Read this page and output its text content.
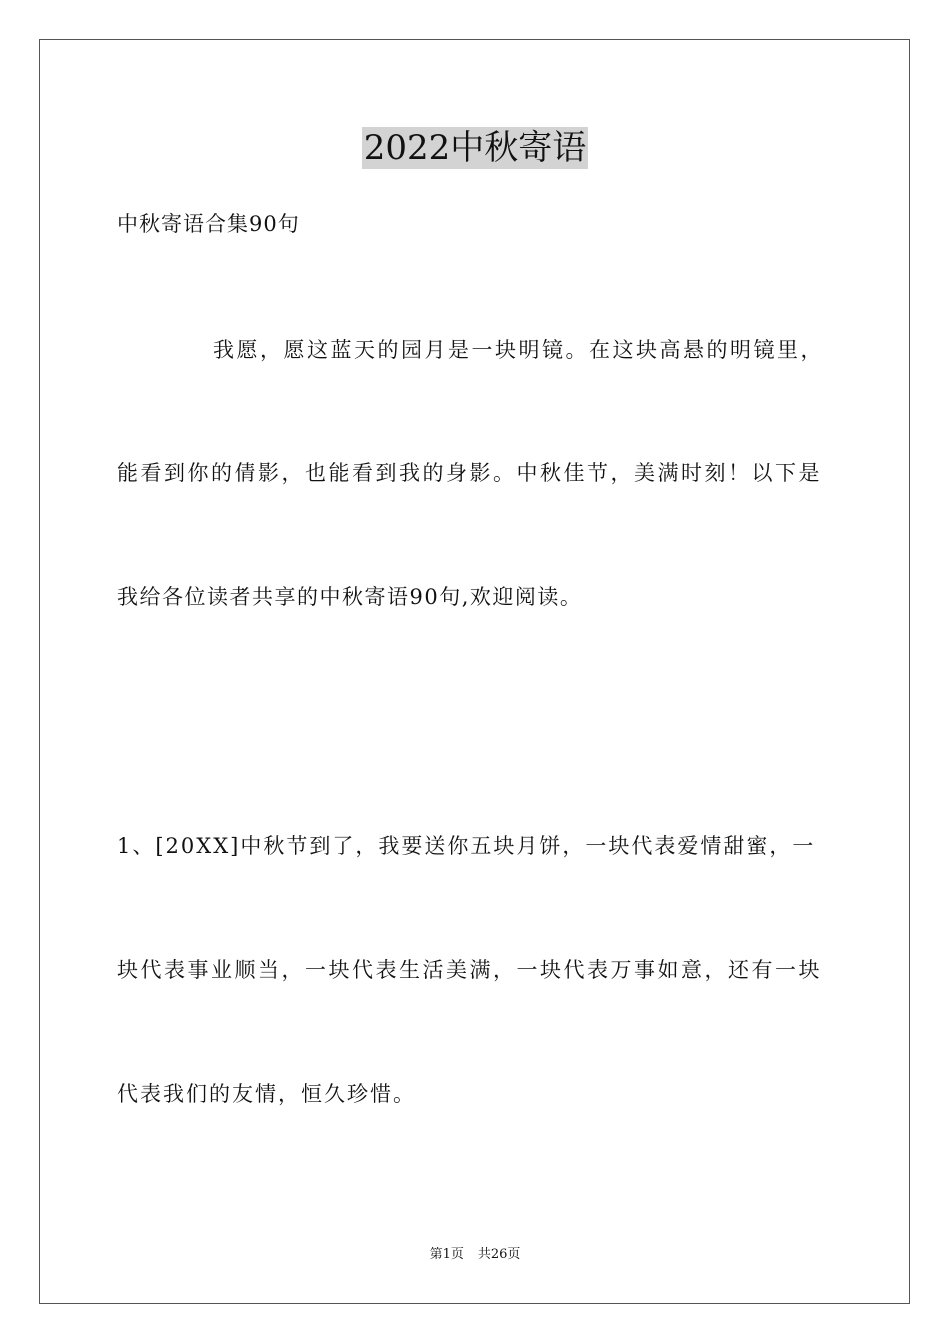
2022中秋寄语
中秋寄语合集90句
我愿，愿这蓝天的园月是一块明镜。在这块高悬的明镜里，
能看到你的倩影，也能看到我的身影。中秋佳节，美满时刻！以下是
我给各位读者共享的中秋寄语90句,欢迎阅读。
1、[20XX]中秋节到了，我要送你五块月饼，一块代表爱情甜蜜，一
块代表事业顺当，一块代表生活美满，一块代表万事如意，还有一块
代表我们的友情，恒久珍惜。
第1页 共26页
